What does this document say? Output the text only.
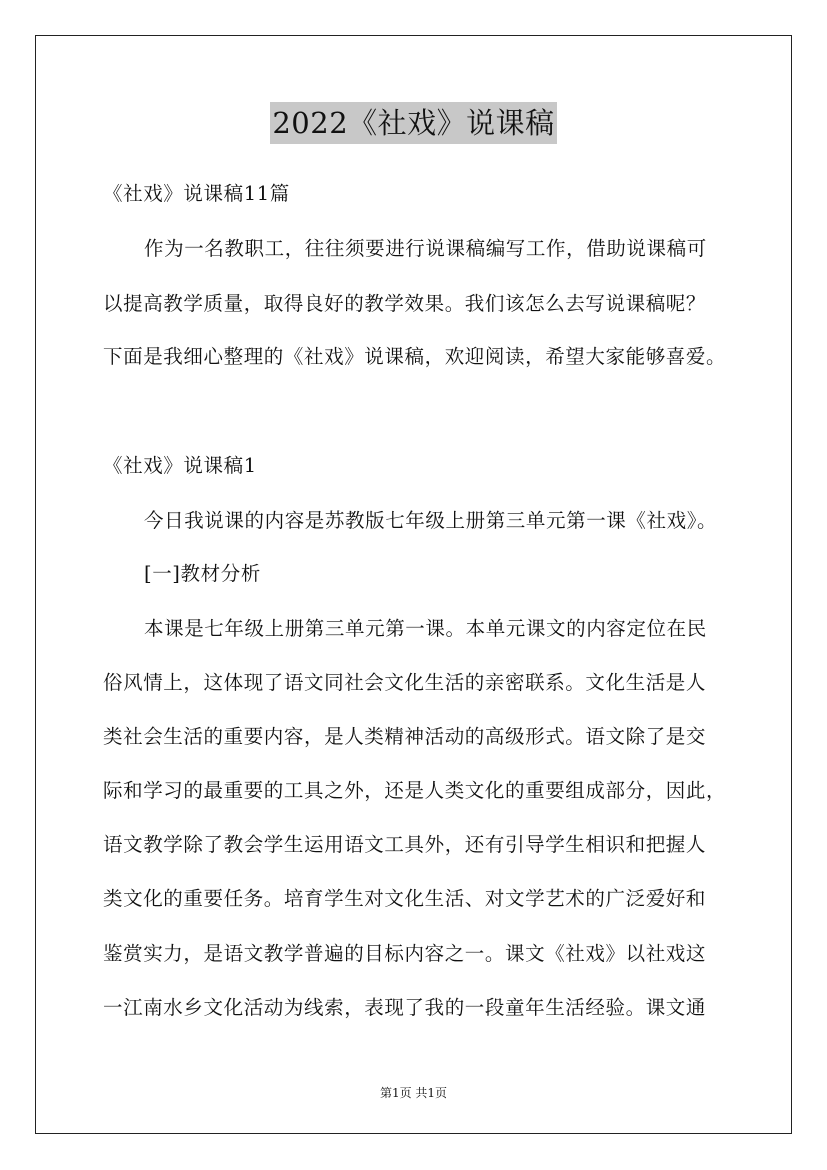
2022《社戏》说课稿
《社戏》说课稿11篇
作为一名教职工，往往须要进行说课稿编写工作，借助说课稿可
以提高教学质量，取得良好的教学效果。我们该怎么去写说课稿呢？
下面是我细心整理的《社戏》说课稿，欢迎阅读，希望大家能够喜爱。
《社戏》说课稿1
今日我说课的内容是苏教版七年级上册第三单元第一课《社戏》。
[一]教材分析
本课是七年级上册第三单元第一课。本单元课文的内容定位在民
俗风情上，这体现了语文同社会文化生活的亲密联系。文化生活是人
类社会生活的重要内容，是人类精神活动的高级形式。语文除了是交
际和学习的最重要的工具之外，还是人类文化的重要组成部分，因此，
语文教学除了教会学生运用语文工具外，还有引导学生相识和把握人
类文化的重要任务。培育学生对文化生活、对文学艺术的广泛爱好和
鉴赏实力，是语文教学普遍的目标内容之一。课文《社戏》以社戏这
一江南水乡文化活动为线索，表现了我的一段童年生活经验。课文通
第1页 共1页
